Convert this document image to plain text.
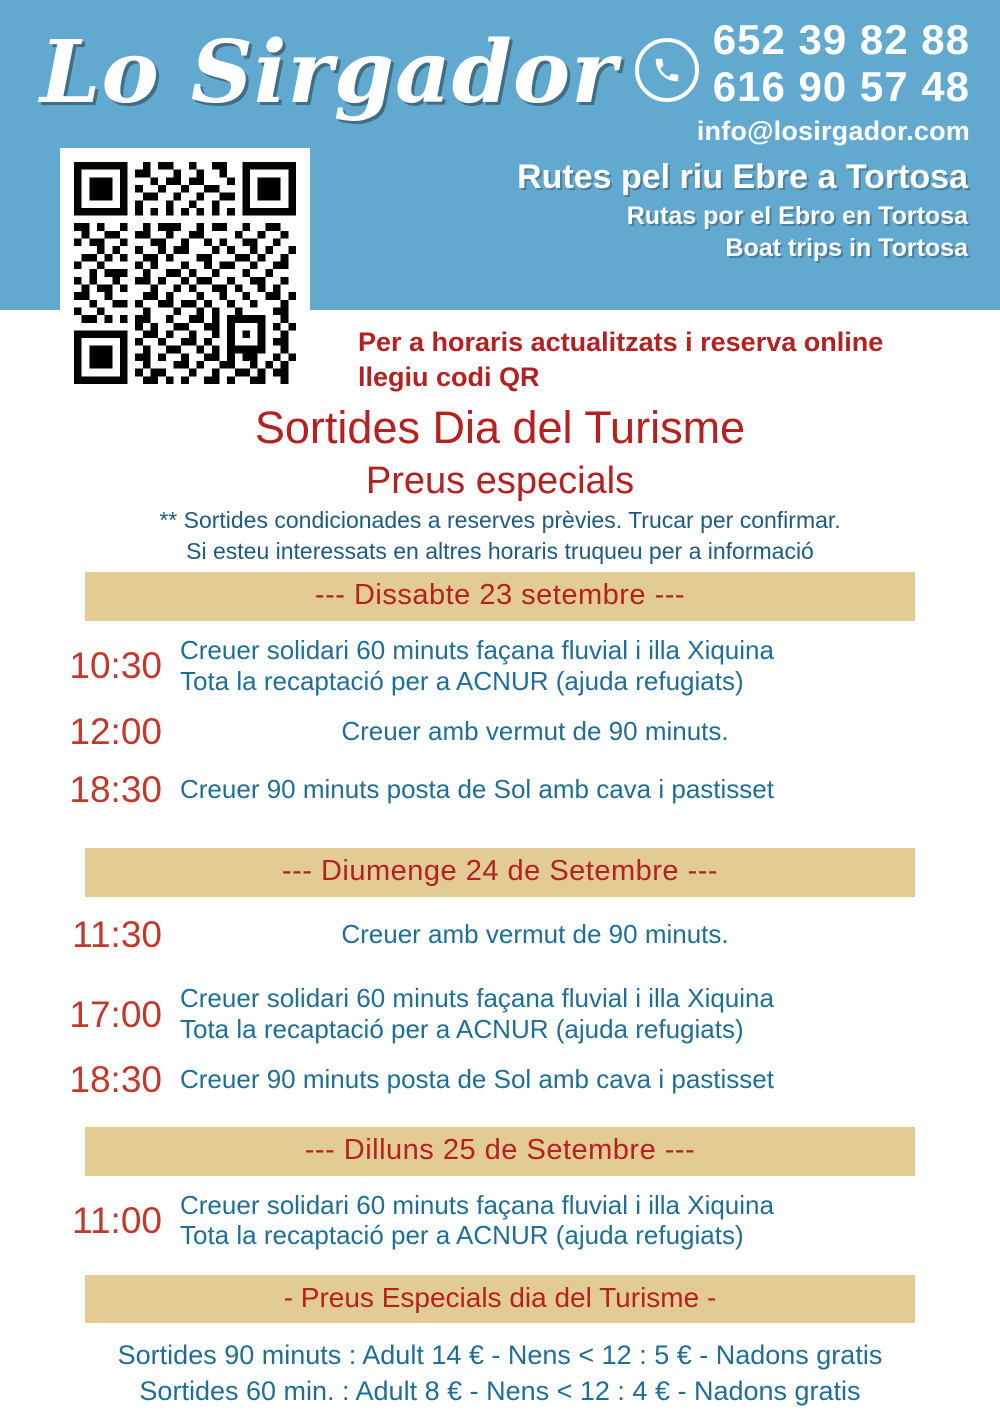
Lo Sirgador 652 39 82 88
616 90 57 48
info@losirgador.com
Rutes pel riu Ebre a Tortosa
Rutas por el Ebro en Tortosa
Boat trips in Tortosa
Per a horaris actualitzats i reserva online
llegiu codi QR
Sortides Dia del Turisme
Preus especials
** Sortides condicionades a reserves prèvies. Trucar per confirmar.
Si esteu interessats en altres horaris truqueu per a informació
--- Dissabte 23 setembre ---
10:30 Creuer solidari 60 minuts façana fluvial i illa Xiquina
Tota la recaptació per a ACNUR (ajuda refugiats)
12:00	Creuer amb vermut de 90 minuts.
18:30 Creuer 90 minuts posta de Sol amb cava i pastisset
--- Diumenge 24 de Setembre ---
11:30	Creuer amb vermut de 90 minuts.
17:00 Creuer solidari 60 minuts façana fluvial i illa Xiquina
Tota la recaptació per a ACNUR (ajuda refugiats)
18:30 Creuer 90 minuts posta de Sol amb cava i pastisset
--- Dilluns 25 de Setembre ---
11:00 Creuer solidari 60 minuts façana fluvial i illa Xiquina
Tota la recaptació per a ACNUR (ajuda refugiats)
- Preus Especials dia del Turisme -
Sortides 90 minuts : Adult 14 € - Nens < 12 : 5 € - Nadons gratis
Sortides 60 min. : Adult 8 € - Nens < 12 : 4 € - Nadons gratis
